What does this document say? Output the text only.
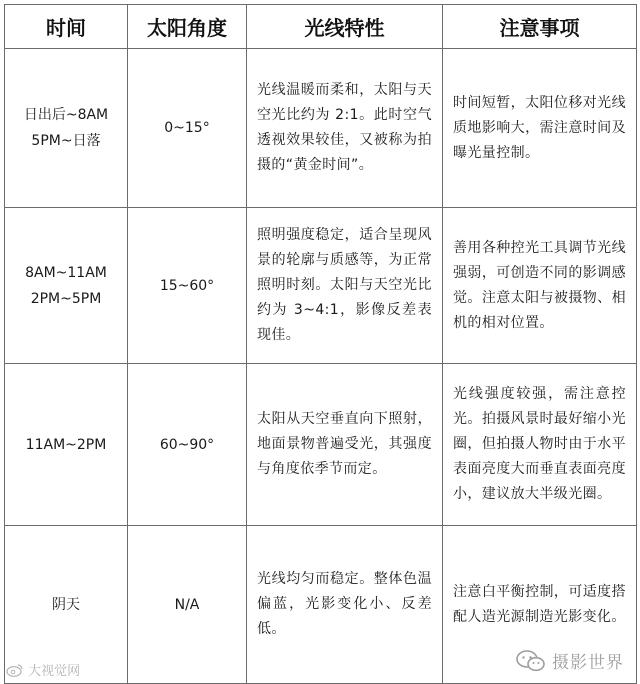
时间	太阳角度	光线特性	注意事项

日出后~8AM
5PM~日落	0~15°	光线温暖而柔和，太阳与天空光比约为 2:1。此时空气透视效果较佳，又被称为拍摄的“黄金时间”。	时间短暂，太阳位移对光线质地影响大，需注意时间及曝光量控制。

8AM~11AM
2PM~5PM	15~60°	照明强度稳定，适合呈现风景的轮廓与质感等，为正常照明时刻。太阳与天空光比约为 3~4:1，影像反差表现佳。	善用各种控光工具调节光线强弱，可创造不同的影调感觉。注意太阳与被摄物、相机的相对位置。

11AM~2PM	60~90°	太阳从天空垂直向下照射，地面景物普遍受光，其强度与角度依季节而定。	光线强度较强，需注意控光。拍摄风景时最好缩小光圈，但拍摄人物时由于水平表面亮度大而垂直表面亮度小，建议放大半级光圈。

阴天	N/A	光线均匀而稳定。整体色温偏蓝，光影变化小、反差低。	注意白平衡控制，可适度搭配人造光源制造光影变化。
大视觉网	摄影世界
